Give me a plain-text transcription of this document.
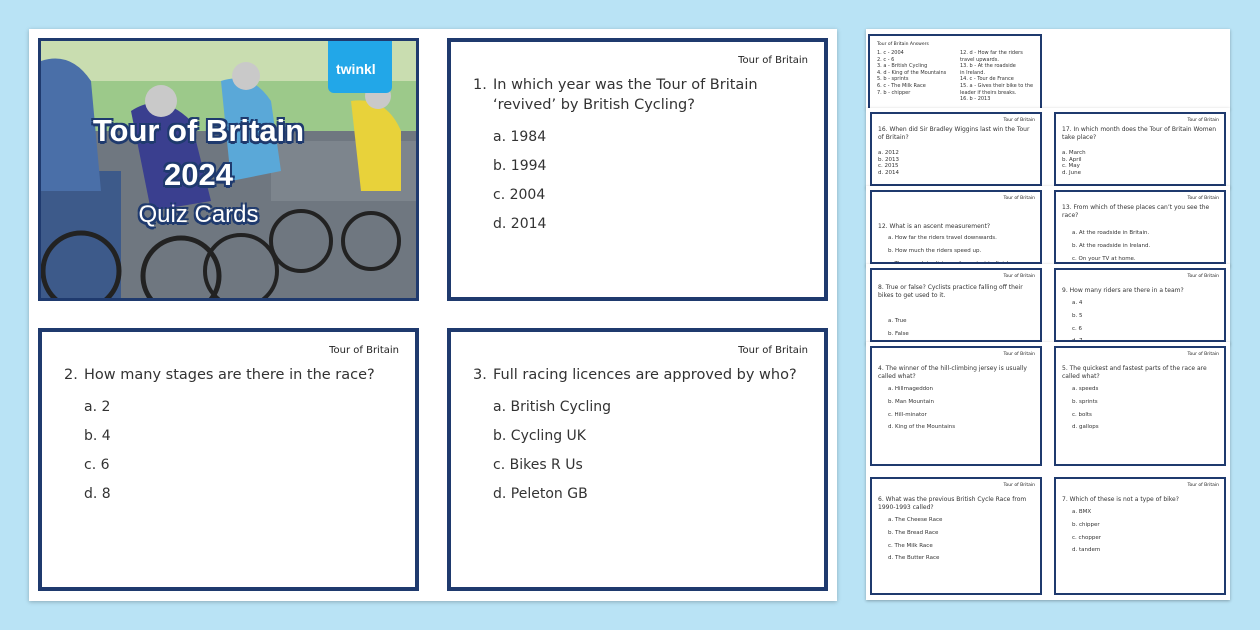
Tour of Britain
2024
Quiz Cards
twinkl
Tour of Britain
1. In which year was the Tour of Britain ‘revived’ by British Cycling?
a. 1984
b. 1994
c. 2004
d. 2014
Tour of Britain
2. How many stages are there in the race?
a. 2
b. 4
c. 6
d. 8
Tour of Britain
3. Full racing licences are approved by who?
a. British Cycling
b. Cycling UK
c. Bikes R Us
d. Peleton GB
Tour of Britain Answers
1. c - 2004
2. c - 6
3. a - British Cycling
4. d - King of the Mountains
5. b - sprints
6. c - The Milk Race
7. b - chipper
12. d - How far the riders
travel upwards.
13. b - At the roadside
in Ireland.
14. c - Tour de France
15. a - Gives their bike to the
leader if theirs breaks.
16. b - 2013
Tour of Britain
16. When did Sir Bradley Wiggins last win the Tour of Britain?
a. 2012
b. 2013
c. 2015
d. 2014
Tour of Britain
17. In which month does the Tour of Britain Women take place?
a. March
b. April
c. May
d. June
Tour of Britain
12. What is an ascent measurement?
a. How far the riders travel downwards.
b. How much the riders speed up.
c. The complete distance from start to finish.
Tour of Britain
13. From which of these places can’t you see the race?
a. At the roadside in Britain.
b. At the roadside in Ireland.
c. On your TV at home.
Tour of Britain
8. True or false? Cyclists practice falling off their bikes to get used to it.
a. True
b. False
Tour of Britain
9. How many riders are there in a team?
a. 4
b. 5
c. 6
d. 7
Tour of Britain
4. The winner of the hill-climbing jersey is usually called what?
a. Hillmageddon
b. Man Mountain
c. Hill-minator
d. King of the Mountains
Tour of Britain
5. The quickest and fastest parts of the race are called what?
a. speeds
b. sprints
c. bolts
d. gallops
Tour of Britain
6. What was the previous British Cycle Race from 1990-1993 called?
a. The Cheese Race
b. The Bread Race
c. The Milk Race
d. The Butter Race
Tour of Britain
7. Which of these is not a type of bike?
a. BMX
b. chipper
c. chopper
d. tandem
